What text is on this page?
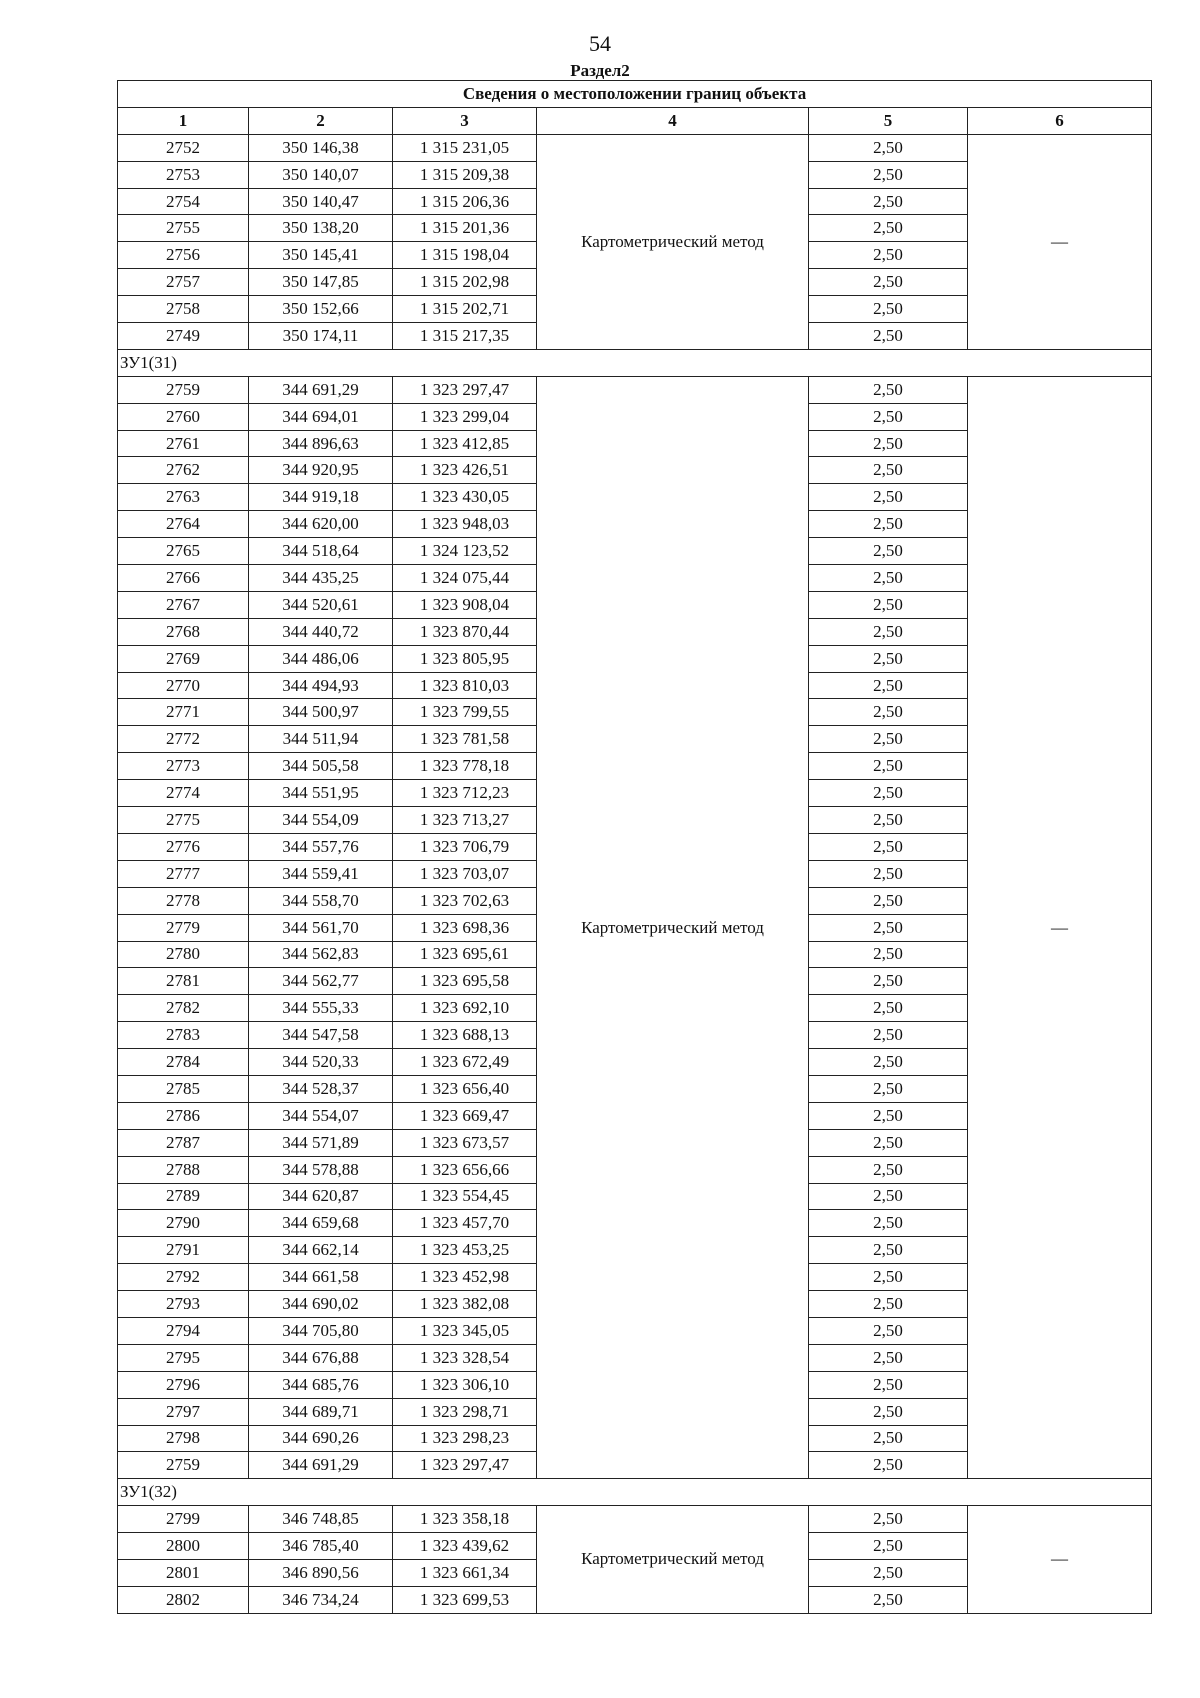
54
Раздел2
Сведения о местоположении границ объекта					
1	2	3	4	5	6
2752	350 146,38	1 315 231,05	Картометрический метод	2,50	—
2753	350 140,07	1 315 209,38		2,50	
2754	350 140,47	1 315 206,36		2,50	
2755	350 138,20	1 315 201,36		2,50	
2756	350 145,41	1 315 198,04		2,50	
2757	350 147,85	1 315 202,98		2,50	
2758	350 152,66	1 315 202,71		2,50	
2749	350 174,11	1 315 217,35		2,50	
ЗУ1(31)					
2759	344 691,29	1 323 297,47	Картометрический метод	2,50	—
2760	344 694,01	1 323 299,04		2,50	
2761	344 896,63	1 323 412,85		2,50	
2762	344 920,95	1 323 426,51		2,50	
2763	344 919,18	1 323 430,05		2,50	
2764	344 620,00	1 323 948,03		2,50	
2765	344 518,64	1 324 123,52		2,50	
2766	344 435,25	1 324 075,44		2,50	
2767	344 520,61	1 323 908,04		2,50	
2768	344 440,72	1 323 870,44		2,50	
2769	344 486,06	1 323 805,95		2,50	
2770	344 494,93	1 323 810,03		2,50	
2771	344 500,97	1 323 799,55		2,50	
2772	344 511,94	1 323 781,58		2,50	
2773	344 505,58	1 323 778,18		2,50	
2774	344 551,95	1 323 712,23		2,50	
2775	344 554,09	1 323 713,27		2,50	
2776	344 557,76	1 323 706,79		2,50	
2777	344 559,41	1 323 703,07		2,50	
2778	344 558,70	1 323 702,63		2,50	
2779	344 561,70	1 323 698,36		2,50	
2780	344 562,83	1 323 695,61		2,50	
2781	344 562,77	1 323 695,58		2,50	
2782	344 555,33	1 323 692,10		2,50	
2783	344 547,58	1 323 688,13		2,50	
2784	344 520,33	1 323 672,49		2,50	
2785	344 528,37	1 323 656,40		2,50	
2786	344 554,07	1 323 669,47		2,50	
2787	344 571,89	1 323 673,57		2,50	
2788	344 578,88	1 323 656,66		2,50	
2789	344 620,87	1 323 554,45		2,50	
2790	344 659,68	1 323 457,70		2,50	
2791	344 662,14	1 323 453,25		2,50	
2792	344 661,58	1 323 452,98		2,50	
2793	344 690,02	1 323 382,08		2,50	
2794	344 705,80	1 323 345,05		2,50	
2795	344 676,88	1 323 328,54		2,50	
2796	344 685,76	1 323 306,10		2,50	
2797	344 689,71	1 323 298,71		2,50	
2798	344 690,26	1 323 298,23		2,50	
2759	344 691,29	1 323 297,47		2,50	
ЗУ1(32)					
2799	346 748,85	1 323 358,18	Картометрический метод	2,50	—
2800	346 785,40	1 323 439,62		2,50	
2801	346 890,56	1 323 661,34		2,50	
2802	346 734,24	1 323 699,53		2,50	
